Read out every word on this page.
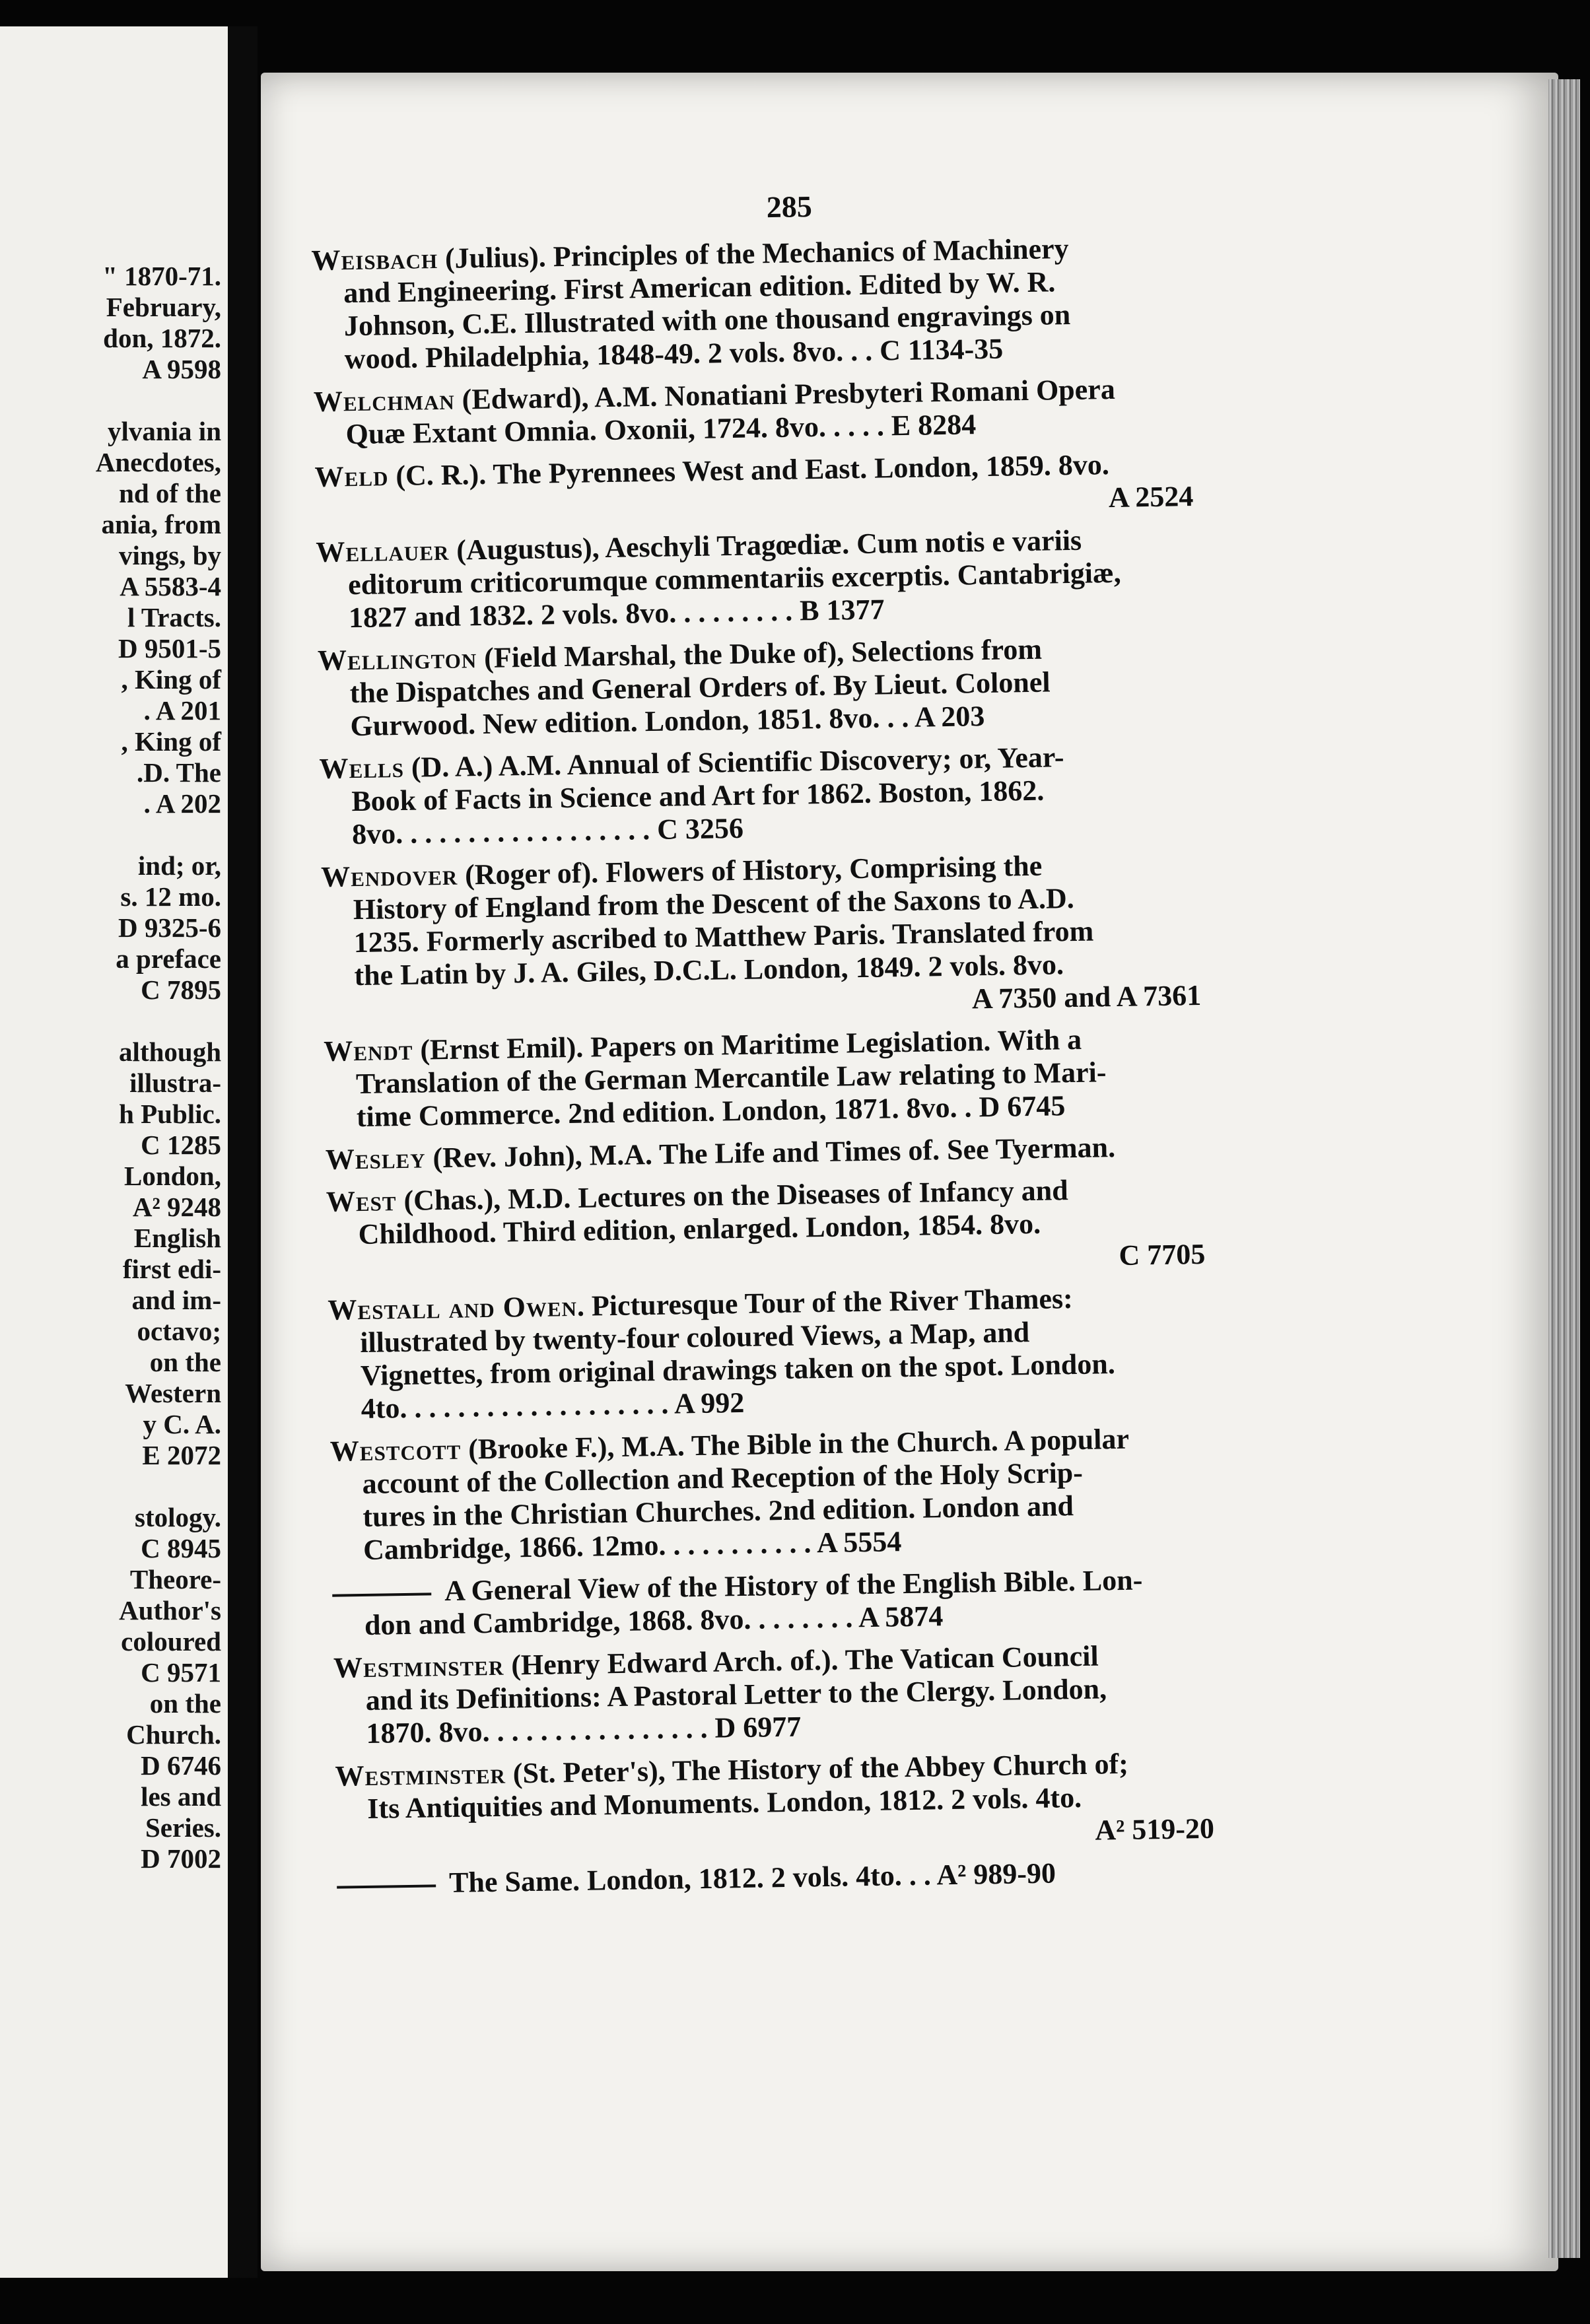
" 1870-71.
February,
don, 1872.
A 9598

ylvania in
Anecdotes,
nd of the
ania, from
vings, by
A 5583-4
l Tracts.
D 9501-5
, King of
. A 201
, King of
.D. The
. A 202

ind; or,
s. 12 mo.
D 9325-6
a preface
C 7895

although
illustra-
h Public.
C 1285
London,
A² 9248
English
first edi-
and im-
octavo;
on the
Western
y C. A.
E 2072

stology.
C 8945
Theore-
Author's
coloured
C 9571
on the
Church.
D 6746
les and
Series.
D 7002
285
Weisbach (Julius). Principles of the Mechanics of Machinery
and Engineering. First American edition. Edited by W. R.
Johnson, C.E. Illustrated with one thousand engravings on
wood. Philadelphia, 1848-49. 2 vols. 8vo. . . C 1134-35
Welchman (Edward), A.M. Nonatiani Presbyteri Romani Opera
Quæ Extant Omnia. Oxonii, 1724. 8vo. . . . . E 8284
Weld (C. R.). The Pyrennees West and East. London, 1859. 8vo.
A 2524
Wellauer (Augustus), Aeschyli Tragœdiæ. Cum notis e variis
editorum criticorumque commentariis excerptis. Cantabrigiæ,
1827 and 1832. 2 vols. 8vo. . . . . . . . . B 1377
Wellington (Field Marshal, the Duke of), Selections from
the Dispatches and General Orders of. By Lieut. Colonel
Gurwood. New edition. London, 1851. 8vo. . . A 203
Wells (D. A.) A.M. Annual of Scientific Discovery; or, Year-
Book of Facts in Science and Art for 1862. Boston, 1862.
8vo. . . . . . . . . . . . . . . . . . C 3256
Wendover (Roger of). Flowers of History, Comprising the
History of England from the Descent of the Saxons to A.D.
1235. Formerly ascribed to Matthew Paris. Translated from
the Latin by J. A. Giles, D.C.L. London, 1849. 2 vols. 8vo.
A 7350 and A 7361
Wendt (Ernst Emil). Papers on Maritime Legislation. With a
Translation of the German Mercantile Law relating to Mari-
time Commerce. 2nd edition. London, 1871. 8vo. . D 6745
Wesley (Rev. John), M.A. The Life and Times of. See Tyerman.
West (Chas.), M.D. Lectures on the Diseases of Infancy and
Childhood. Third edition, enlarged. London, 1854. 8vo.
C 7705
Westall and Owen. Picturesque Tour of the River Thames:
illustrated by twenty-four coloured Views, a Map, and
Vignettes, from original drawings taken on the spot. London.
4to. . . . . . . . . . . . . . . . . . . A 992
Westcott (Brooke F.), M.A. The Bible in the Church. A popular
account of the Collection and Reception of the Holy Scrip-
tures in the Christian Churches. 2nd edition. London and
Cambridge, 1866. 12mo. . . . . . . . . . . A 5554
A General View of the History of the English Bible. Lon-
don and Cambridge, 1868. 8vo. . . . . . . . A 5874
Westminster (Henry Edward Arch. of.). The Vatican Council
and its Definitions: A Pastoral Letter to the Clergy. London,
1870. 8vo. . . . . . . . . . . . . . . . D 6977
Westminster (St. Peter's), The History of the Abbey Church of;
Its Antiquities and Monuments. London, 1812. 2 vols. 4to.
A² 519-20
The Same. London, 1812. 2 vols. 4to. . . A² 989-90
